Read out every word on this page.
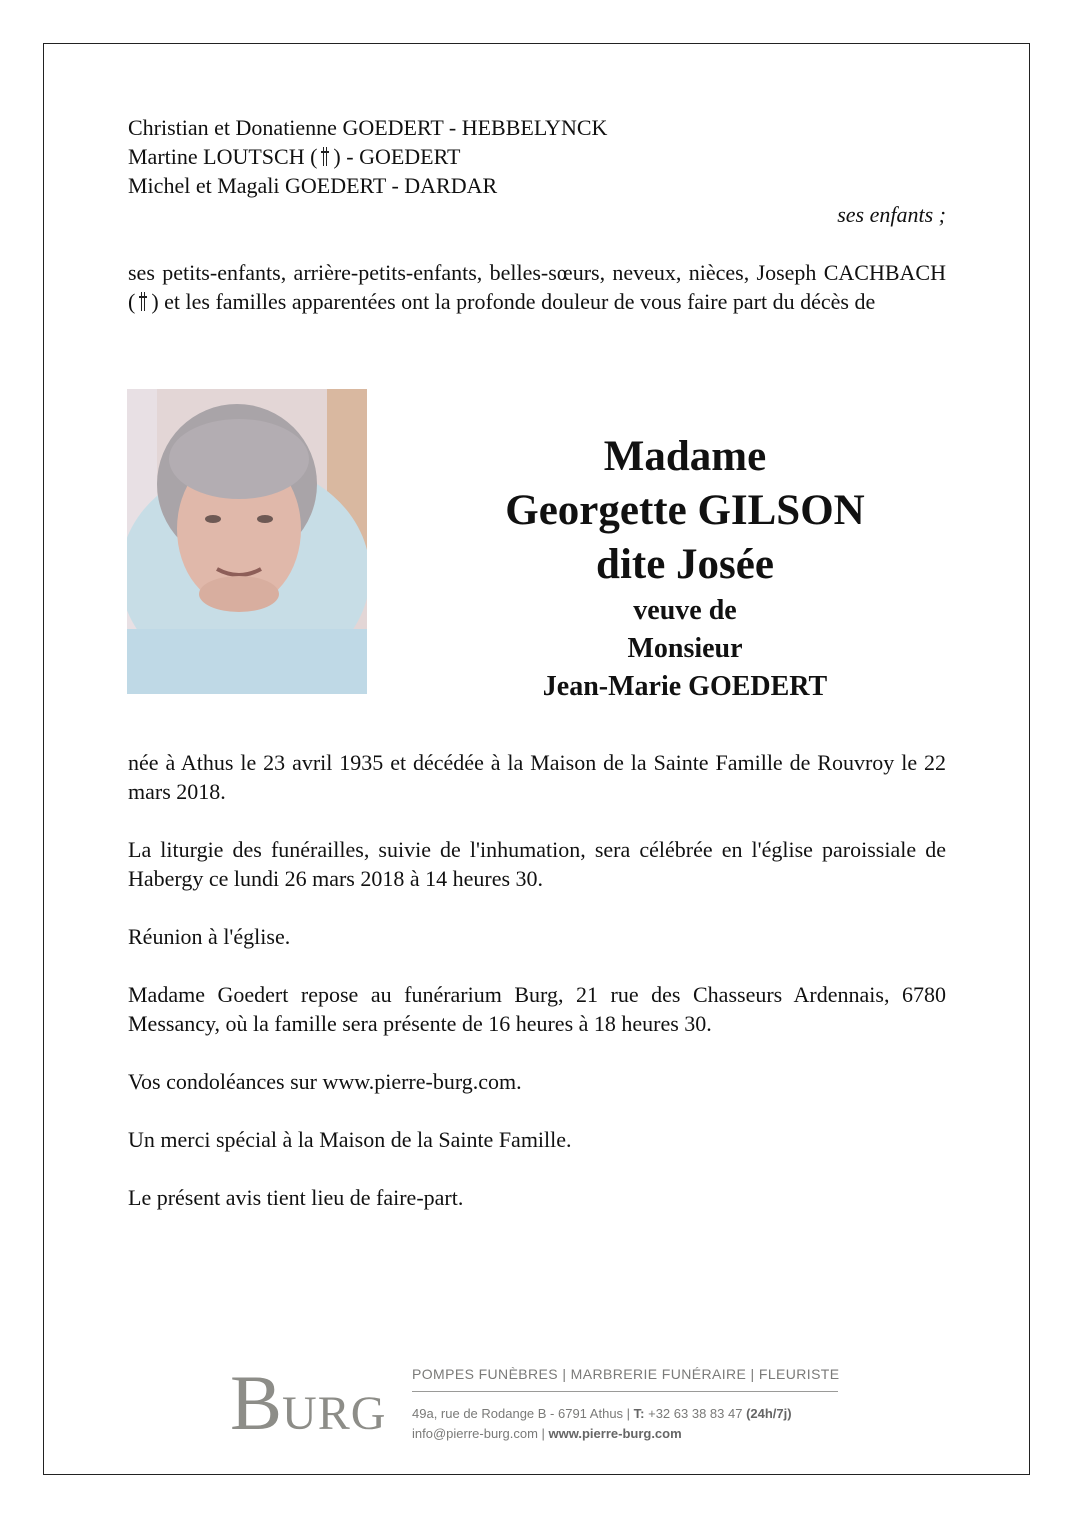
Christian et Donatienne GOEDERT - HEBBELYNCK
Martine LOUTSCH ( ) - GOEDERT
Michel et Magali GOEDERT - DARDAR
ses enfants ;
ses petits-enfants, arrière-petits-enfants, belles-sœurs, neveux, nièces, Joseph CACHBACH ( ) et les familles apparentées ont la profonde douleur de vous faire part du décès de
Madame
Georgette GILSON
dite Josée
veuve de
Monsieur
Jean-Marie GOEDERT

née à Athus le 23 avril 1935 et décédée à la Maison de la Sainte Famille de Rouvroy le 22 mars 2018.

La liturgie des funérailles, suivie de l'inhumation, sera célébrée en l'église paroissiale de Habergy ce lundi 26 mars 2018 à 14 heures 30.

Réunion à l'église.

Madame Goedert repose au funérarium Burg, 21 rue des Chasseurs Ardennais, 6780 Messancy, où la famille sera présente de 16 heures à 18 heures 30.

Vos condoléances sur www.pierre-burg.com.

Un merci spécial à la Maison de la Sainte Famille.

Le présent avis tient lieu de faire-part.

BURG
POMPES FUNÈBRES | MARBRERIE FUNÉRAIRE | FLEURISTE
49a, rue de Rodange B - 6791 Athus | T: +32 63 38 83 47 (24h/7j)
info@pierre-burg.com | www.pierre-burg.com
